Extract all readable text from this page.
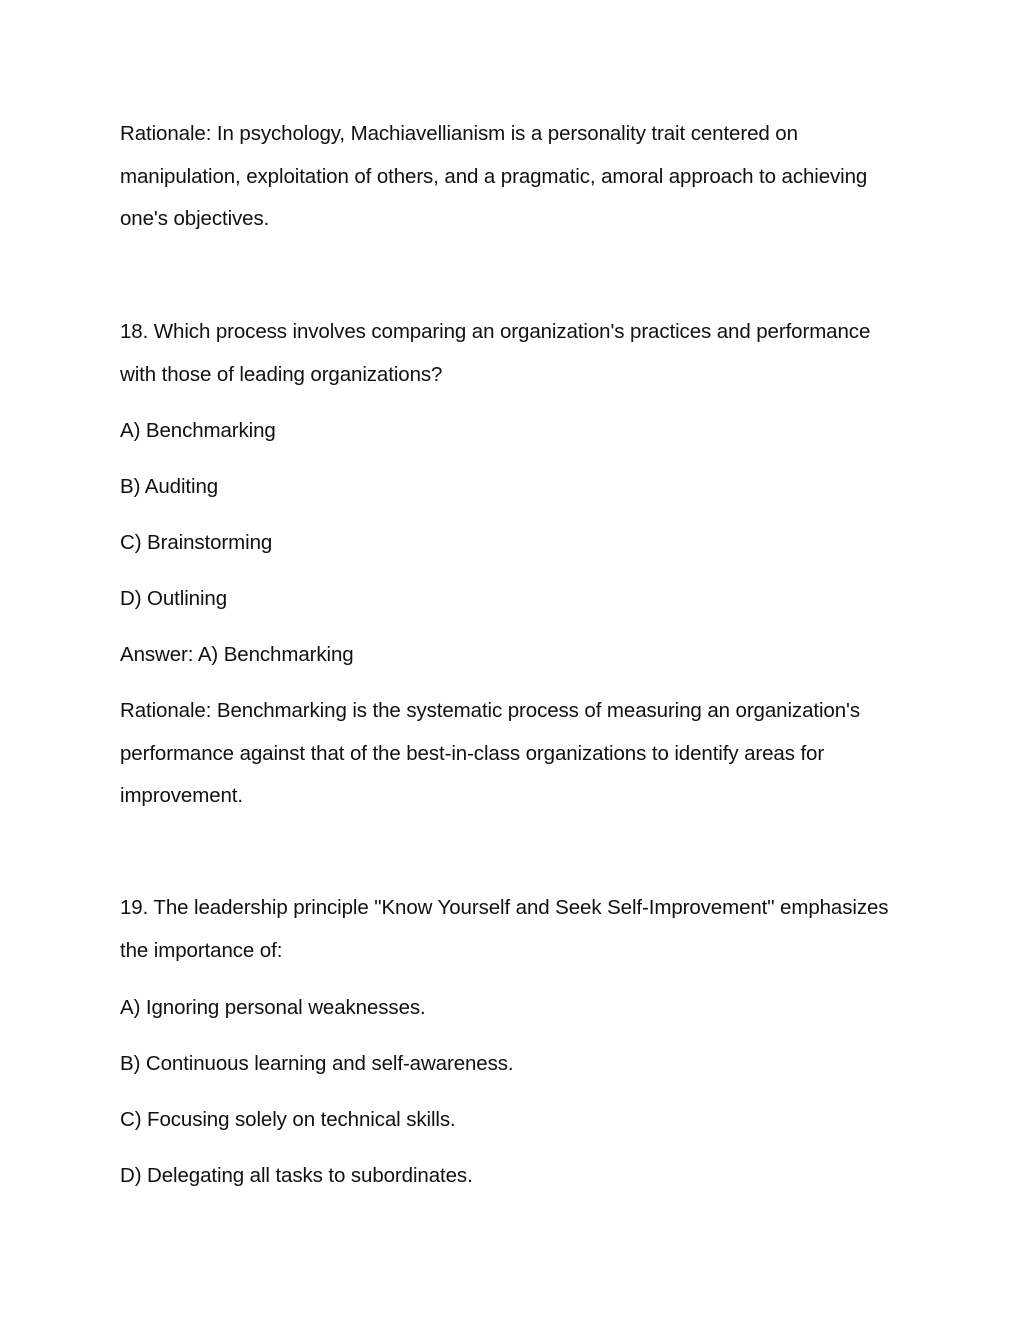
Rationale: In psychology, Machiavellianism is a personality trait centered on manipulation, exploitation of others, and a pragmatic, amoral approach to achieving one's objectives.
18. Which process involves comparing an organization's practices and performance with those of leading organizations?
A) Benchmarking
B) Auditing
C) Brainstorming
D) Outlining
Answer: A) Benchmarking
Rationale: Benchmarking is the systematic process of measuring an organization's performance against that of the best-in-class organizations to identify areas for improvement.
19. The leadership principle "Know Yourself and Seek Self-Improvement" emphasizes the importance of:
A) Ignoring personal weaknesses.
B) Continuous learning and self-awareness.
C) Focusing solely on technical skills.
D) Delegating all tasks to subordinates.
